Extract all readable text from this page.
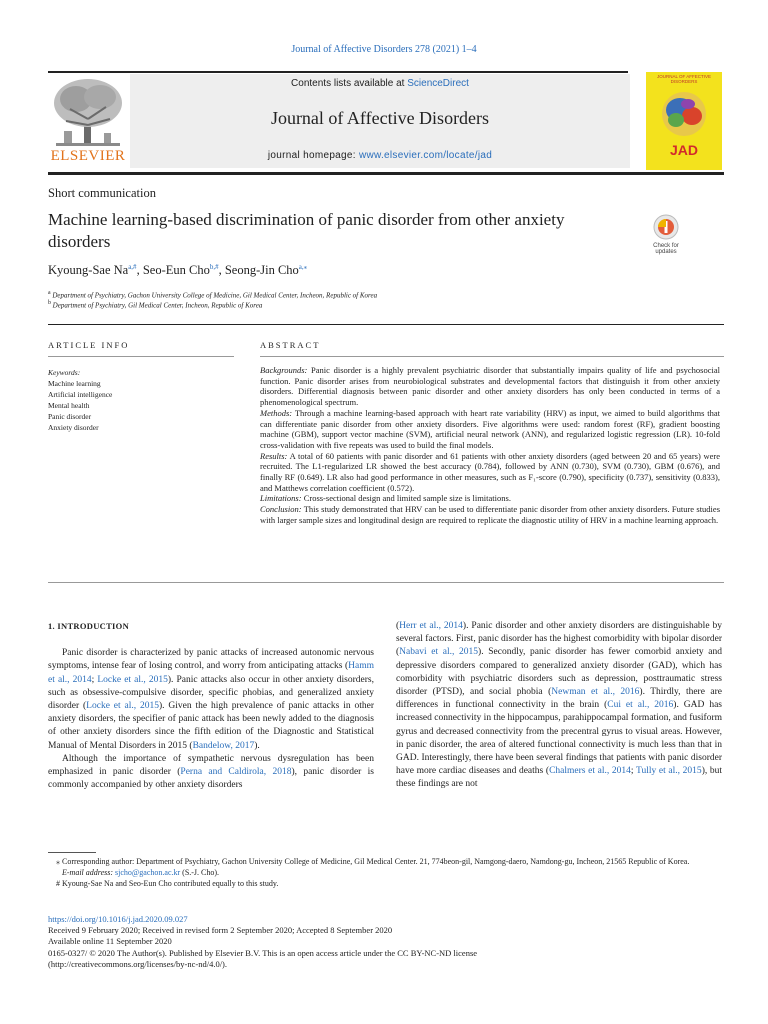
Journal of Affective Disorders 278 (2021) 1–4
ELSEVIER
Contents lists available at ScienceDirect
Journal of Affective Disorders
journal homepage: www.elsevier.com/locate/jad
JOURNAL OF AFFECTIVE DISORDERS
JAD
Short communication
Machine learning-based discrimination of panic disorder from other anxiety disorders	Check for updates
Kyoung-Sae $Na^{a,\#}$, Seo-Eun Cho$^{b,\#}$, Seong-Jin Cho$^{a,⁎}$
$^a$ Department of Psychiatry, Gachon University College of Medicine, Gil Medical Center, Incheon, Republic of Korea
$^b$ Department of Psychiatry, Gil Medical Center, Incheon, Republic of Korea
ARTICLE INFO
Keywords:
Machine learning
Artificial intelligence
Mental health
Panic disorder
Anxiety disorder
ABSTRACT
Backgrounds: Panic disorder is a highly prevalent psychiatric disorder that substantially impairs quality of life and psychosocial function. Panic disorder arises from neurobiological substrates and developmental factors that distinguish it from other anxiety disorders. Differential diagnosis between panic disorder and other anxiety disorders has only been conducted in terms of a phenomenological spectrum.
Methods: Through a machine learning-based approach with heart rate variability (HRV) as input, we aimed to build algorithms that can differentiate panic disorder from other anxiety disorders. Five algorithms were used: random forest (RF), gradient boosting machine (GBM), support vector machine (SVM), artificial neural network (ANN), and regularized logistic regression (LR). 10-fold cross-validation with five repeats was used to build the final models.
Results: A total of 60 patients with panic disorder and 61 patients with other anxiety disorders (aged between 20 and 65 years) were recruited. The L1-regularized LR showed the best accuracy (0.784), followed by ANN (0.730), SVM (0.730), GBM (0.676), and finally RF (0.649). LR also had good performance in other measures, such as F₁-score (0.790), specificity (0.737), sensitivity (0.833), and Matthews correlation coefficient (0.572).
Limitations: Cross-sectional design and limited sample size is limitations.
Conclusion: This study demonstrated that HRV can be used to differentiate panic disorder from other anxiety disorders. Future studies with larger sample sizes and longitudinal design are required to replicate the diagnostic utility of HRV in a machine learning approach.
1. INTRODUCTION

Panic disorder is characterized by panic attacks of increased autonomic nervous symptoms, intense fear of losing control, and worry from anticipating attacks (Hamm et al., 2014; Locke et al., 2015). Panic attacks also occur in other anxiety disorders, such as obsessive-compulsive disorder, specific phobias, and generalized anxiety disorder (Locke et al., 2015). Given the high prevalence of panic attacks in other anxiety disorders, the specifier of panic attack has been newly added to the diagnosis of other anxiety disorders since the fifth edition of the Diagnostic and Statistical Manual of Mental Disorders in 2015 (Bandelow, 2017).

Although the importance of sympathetic nervous dysregulation has been emphasized in panic disorder (Perna and Caldirola, 2018), panic disorder is commonly accompanied by other anxiety disorders

(Herr et al., 2014). Panic disorder and other anxiety disorders are distinguishable by several factors. First, panic disorder has the highest comorbidity with bipolar disorder (Nabavi et al., 2015). Secondly, panic disorder has fewer comorbid anxiety and depressive disorders compared to generalized anxiety disorder (GAD), which has comorbidity with psychiatric disorders such as depression, posttraumatic stress disorder (PTSD), and social phobia (Newman et al., 2016). Thirdly, there are differences in functional connectivity in the brain (Cui et al., 2016). GAD has increased connectivity in the hippocampus, parahippocampal formation, and fusiform gyrus and decreased connectivity from the precentral gyrus to visual areas. However, in panic disorder, the area of altered functional connectivity is much less than that in GAD. Interestingly, there have been several findings that patients with panic disorder have more cardiac diseases and deaths (Chalmers et al., 2014; Tully et al., 2015), but these findings are not

⁎ Corresponding author: Department of Psychiatry, Gachon University College of Medicine, Gil Medical Center. 21, 774beon-gil, Namgong-daero, Namdong-gu, Incheon, 21565 Republic of Korea.
E-mail address: sjcho@gachon.ac.kr (S.-J. Cho).
# Kyoung-Sae Na and Seo-Eun Cho contributed equally to this study.
https://doi.org/10.1016/j.jad.2020.09.027
Received 9 February 2020; Received in revised form 2 September 2020; Accepted 8 September 2020
Available online 11 September 2020
0165-0327/ © 2020 The Author(s). Published by Elsevier B.V. This is an open access article under the CC BY-NC-ND license
(http://creativecommons.org/licenses/by-nc-nd/4.0/).
